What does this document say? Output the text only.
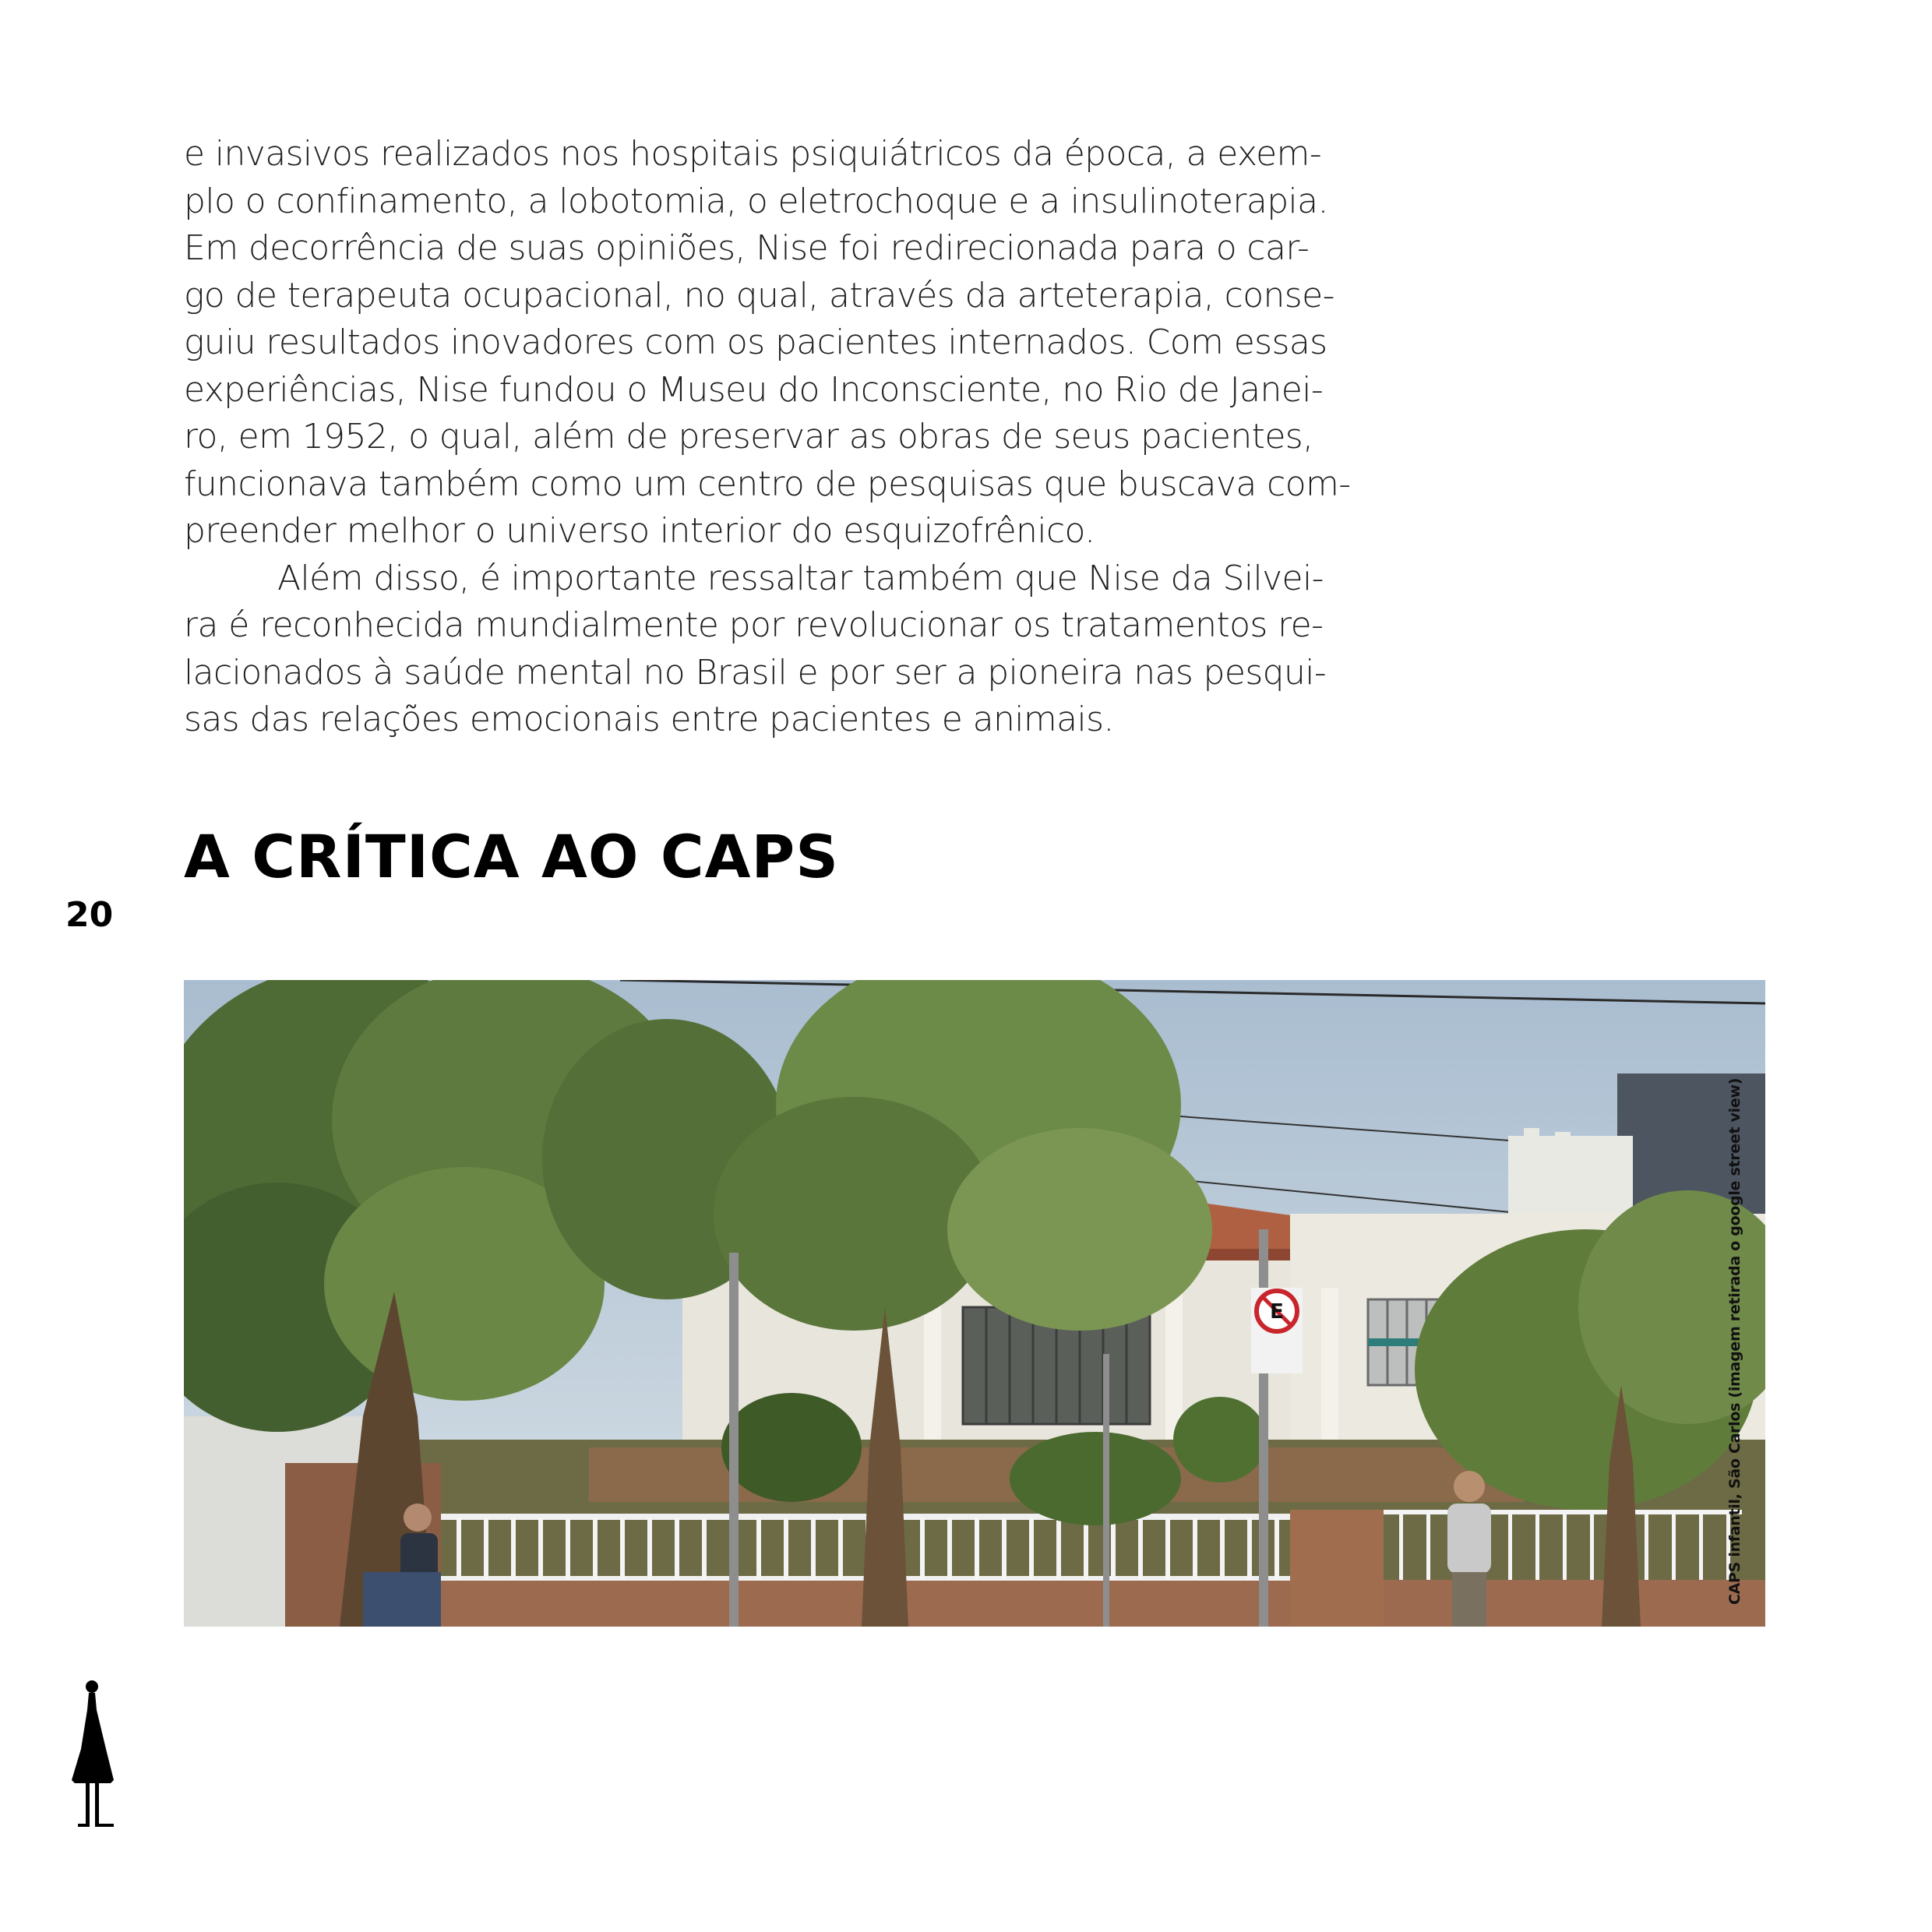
e invasivos realizados nos hospitais psiquiátricos da época, a exem-
plo o confinamento, a lobotomia, o eletrochoque e a insulinoterapia.
Em decorrência de suas opiniões, Nise foi redirecionada para o car-
go de terapeuta ocupacional, no qual, através da arteterapia, conse-
guiu resultados inovadores com os pacientes internados. Com essas
experiências, Nise fundou o Museu do Inconsciente, no Rio de Janei-
ro, em 1952, o qual, além de preservar as obras de seus pacientes,
funcionava também como um centro de pesquisas que buscava com-
preender melhor o universo interior do esquizofrênico.
Além disso, é importante ressaltar também que Nise da Silvei-
ra é reconhecida mundialmente por revolucionar os tratamentos re-
lacionados à saúde mental no Brasil e por ser a pioneira nas pesqui-
sas das relações emocionais entre pacientes e animais.
A CRÍTICA AO CAPS
20
E	CAPS infantil, São Carlos (imagem retirada o google street view)
